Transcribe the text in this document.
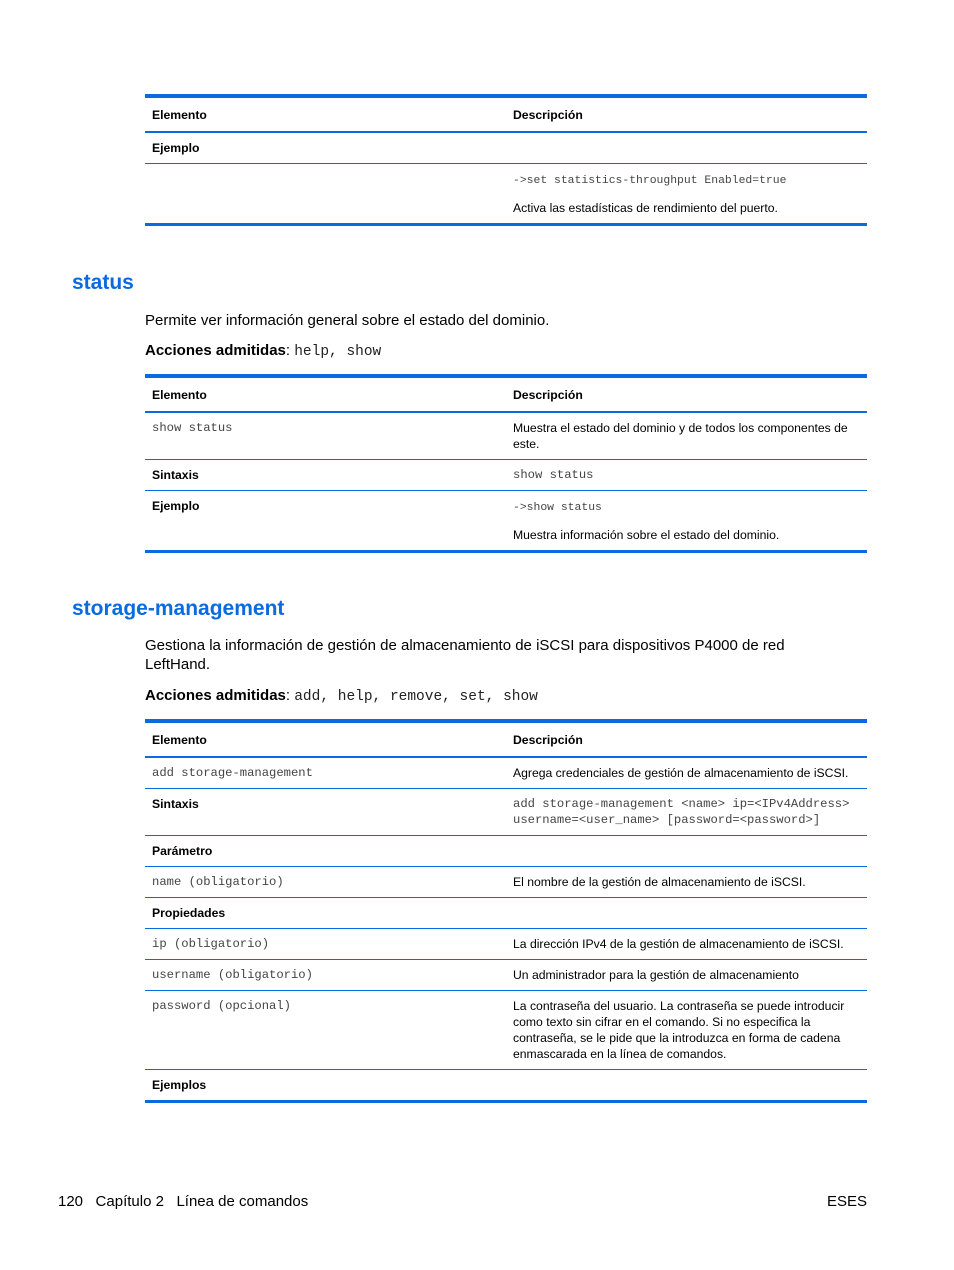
Elemento	Descripción
Ejemplo	
	->set statistics-throughput Enabled=true
Activa las estadísticas de rendimiento del puerto.
status

Permite ver información general sobre el estado del dominio.

Acciones admitidas: help, show

Elemento	Descripción
show status	Muestra el estado del dominio y de todos los componentes de este.
Sintaxis	show status
Ejemplo	->show status
Muestra información sobre el estado del dominio.
storage-management

Gestiona la información de gestión de almacenamiento de iSCSI para dispositivos P4000 de red LeftHand.

Acciones admitidas: add, help, remove, set, show

Elemento	Descripción
add storage-management	Agrega credenciales de gestión de almacenamiento de iSCSI.
Sintaxis	add storage-management <name> ip=<IPv4Address> username=<user_name> [password=<password>]
Parámetro	
name (obligatorio)	El nombre de la gestión de almacenamiento de iSCSI.
Propiedades	
ip (obligatorio)	La dirección IPv4 de la gestión de almacenamiento de iSCSI.
username (obligatorio)	Un administrador para la gestión de almacenamiento
password (opcional)	La contraseña del usuario. La contraseña se puede introducir como texto sin cifrar en el comando. Si no especifica la contraseña, se le pide que la introduzca en forma de cadena enmascarada en la línea de comandos.
Ejemplos	
120 Capítulo 2 Línea de comandos	ESES
